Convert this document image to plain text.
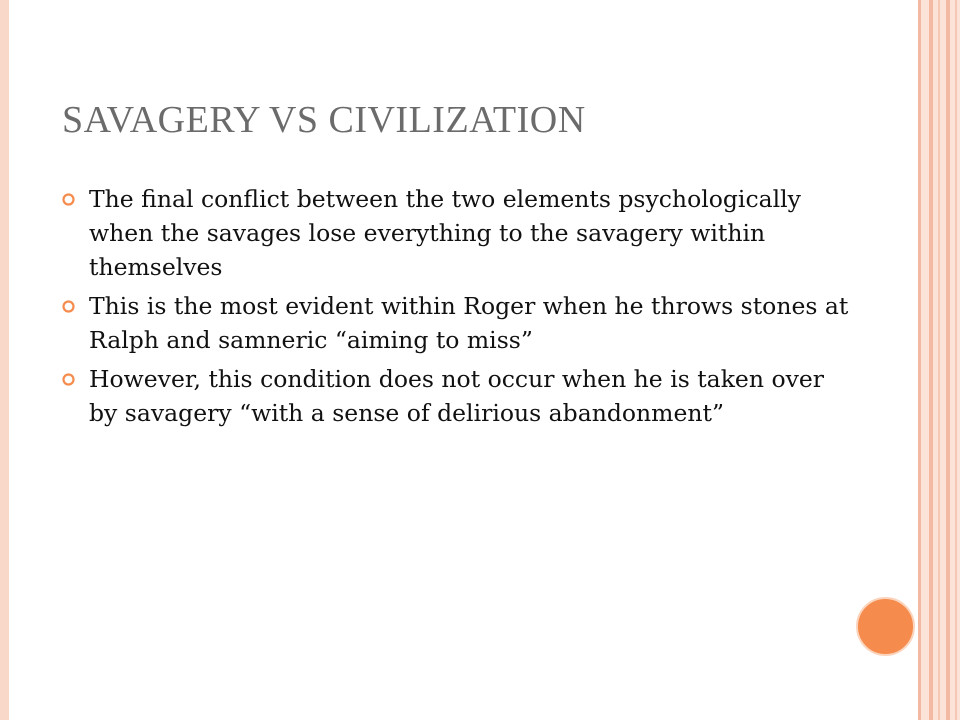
SAVAGERY VS CIVILIZATION
The final conflict between the two elements psychologically when the savages lose everything to the savagery within themselves
This is the most evident within Roger when he throws stones at Ralph and samneric “aiming to miss”
However, this condition does not occur when he is taken over by savagery “with a sense of delirious abandonment”
